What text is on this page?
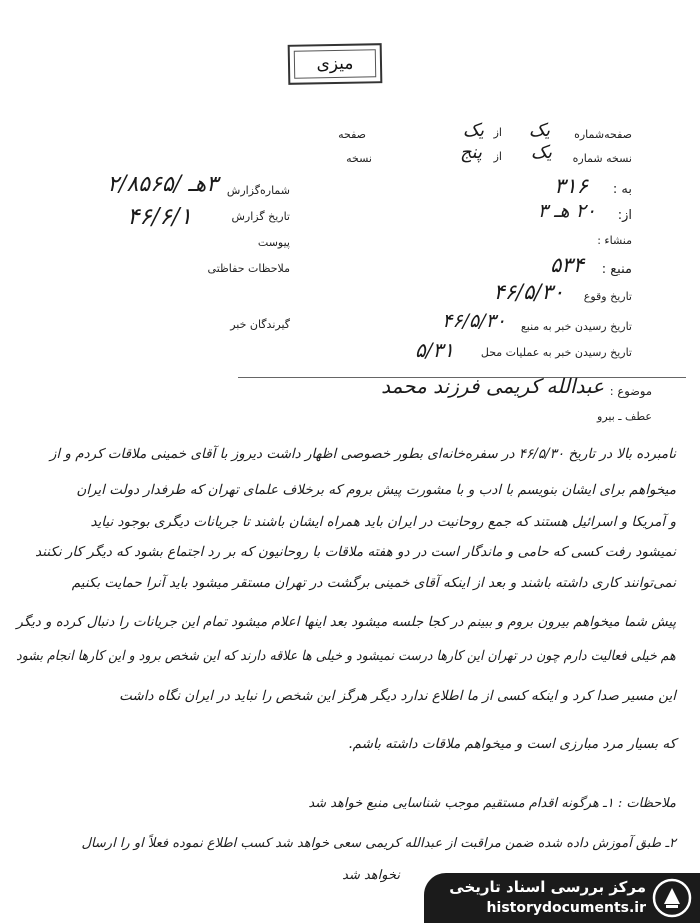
میزی
صفحه‌شماره
یک
از
یک
صفحه
نسخه شماره
یک
از
پنج
نسخه
به :
۳۱۶
از:
۲۰ هـ ۳
منشاء :
منبع :
۵۳۴
شماره‌گزارش
۳هـ /۲/۸۵۶۵
تاریخ گزارش
۴۶/۶/۱
پیوست
ملاحظات حفاظتی
تاریخ وقوع
۴۶/۵/۳۰
تاریخ رسیدن خبر به منبع
۴۶/۵/۳۰
تاریخ رسیدن خبر به عملیات محل
۵/۳۱
گیرندگان خبر
موضوع :
عبدالله کریمی فرزند محمد
عطف ـ بیرو
نامبرده بالا در تاریخ ۴۶/۵/۳۰ در سفره‌خانه‌ای بطور خصوصی اظهار داشت دیروز با آقای خمینی ملاقات کردم و از
میخواهم برای ایشان بنویسم با ادب و با مشورت پیش بروم که برخلاف علمای تهران که طرفدار دولت ایران
و آمریکا و اسرائیل هستند که جمع روحانیت در ایران باید همراه ایشان باشند تا جریانات دیگری بوجود نیاید
نمیشود رفت کسی که حامی و ماندگار است در دو هفته ملاقات با روحانیون که بر رد اجتماع بشود که دیگر کار نکنند
نمی‌توانند کاری داشته باشند و بعد از اینکه آقای خمینی برگشت در تهران مستقر میشود باید آنرا حمایت بکنیم
پیش شما میخواهم بیرون بروم و ببینم در کجا جلسه میشود بعد اینها اعلام میشود تمام این جریانات را دنبال کرده و دیگر
هم خیلی فعالیت دارم چون در تهران این کارها درست نمیشود و خیلی ها علاقه دارند که این شخص برود و این کارها انجام بشود
این مسیر صدا کرد و اینکه کسی از ما اطلاع ندارد دیگر هرگز این شخص را نباید در ایران نگاه داشت
که بسیار مرد مبارزی است و میخواهم ملاقات داشته باشم.
ملاحظات : ۱ـ هرگونه اقدام مستقیم موجب شناسایی منبع خواهد شد
۲ـ طبق آموزش داده شده ضمن مراقبت از عبدالله کریمی سعی خواهد شد کسب اطلاع نموده فعلاً او را ارسال
نخواهد شد
مرکز بررسی اسناد تاریخی
historydocuments.ir
